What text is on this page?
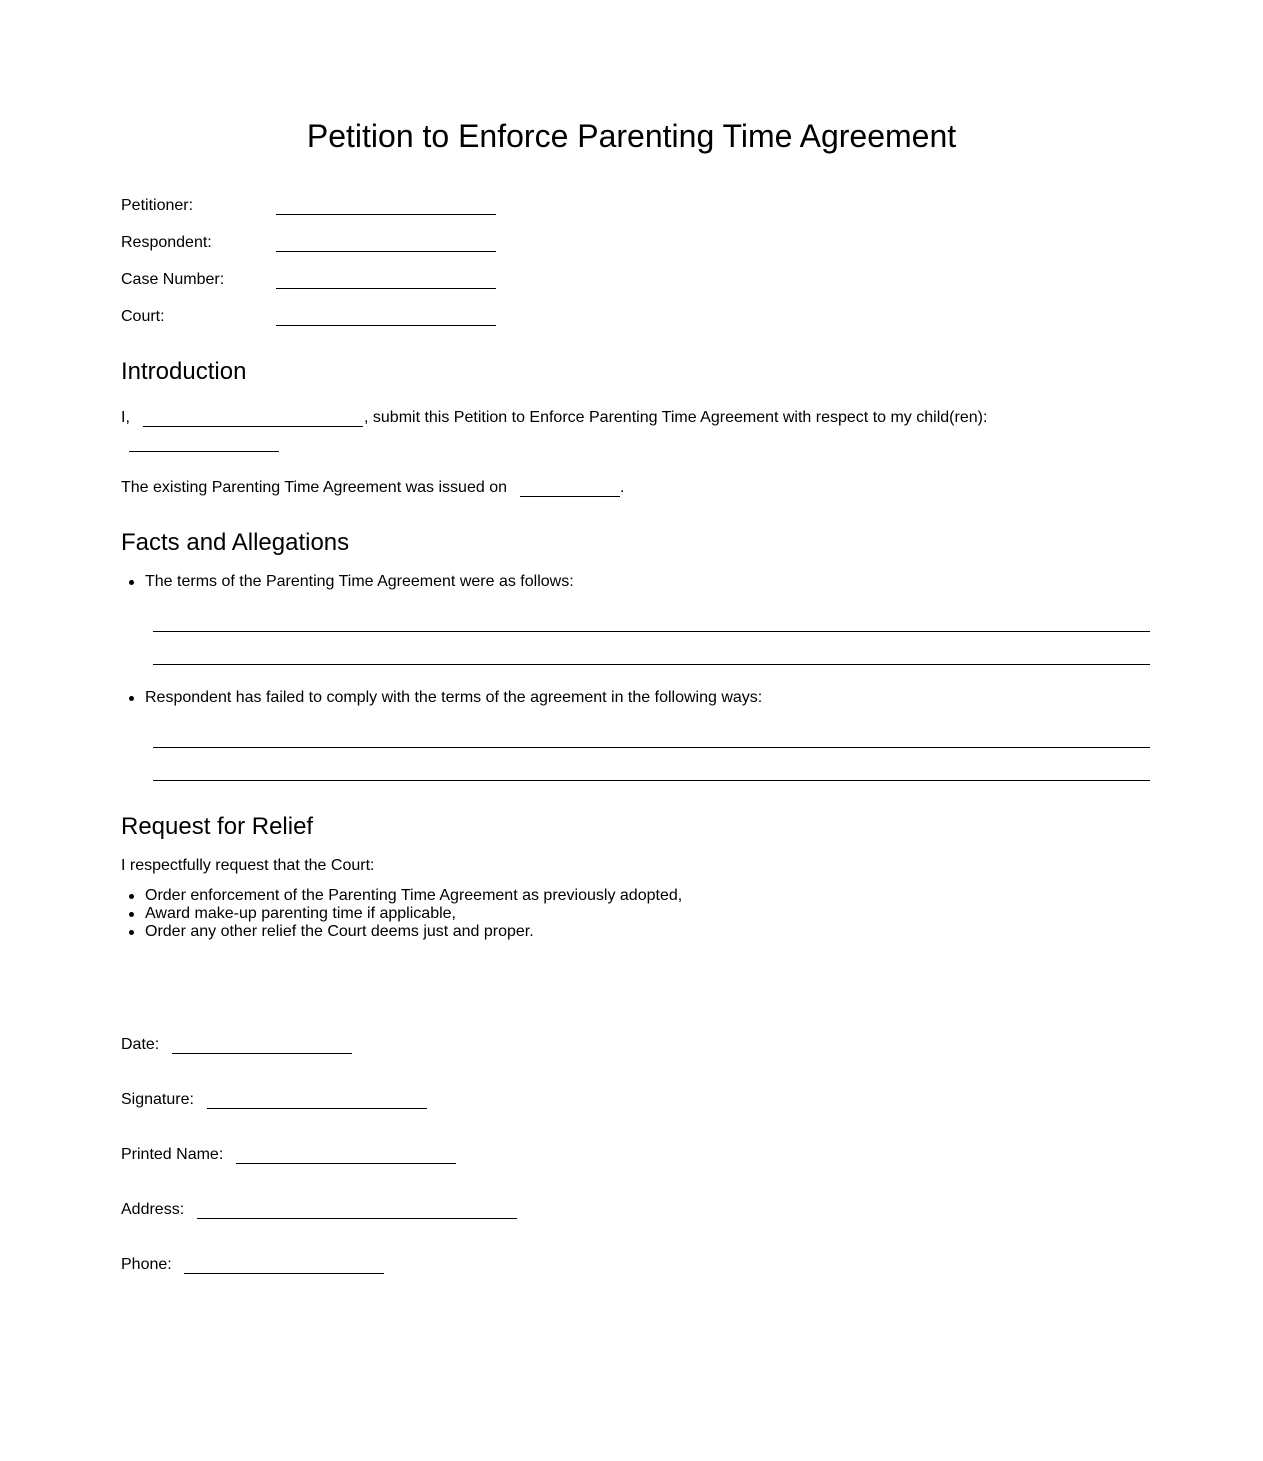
Petition to Enforce Parenting Time Agreement
Petitioner:
Respondent:
Case Number:
Court:
Introduction
I,	, submit this Petition to Enforce Parenting Time Agreement with respect to my child(ren):
The existing Parenting Time Agreement was issued on	.
Facts and Allegations
The terms of the Parenting Time Agreement were as follows:
Respondent has failed to comply with the terms of the agreement in the following ways:
Request for Relief
I respectfully request that the Court:
Order enforcement of the Parenting Time Agreement as previously adopted,
Award make-up parenting time if applicable,
Order any other relief the Court deems just and proper.
Date:
Signature:
Printed Name:
Address:
Phone:
